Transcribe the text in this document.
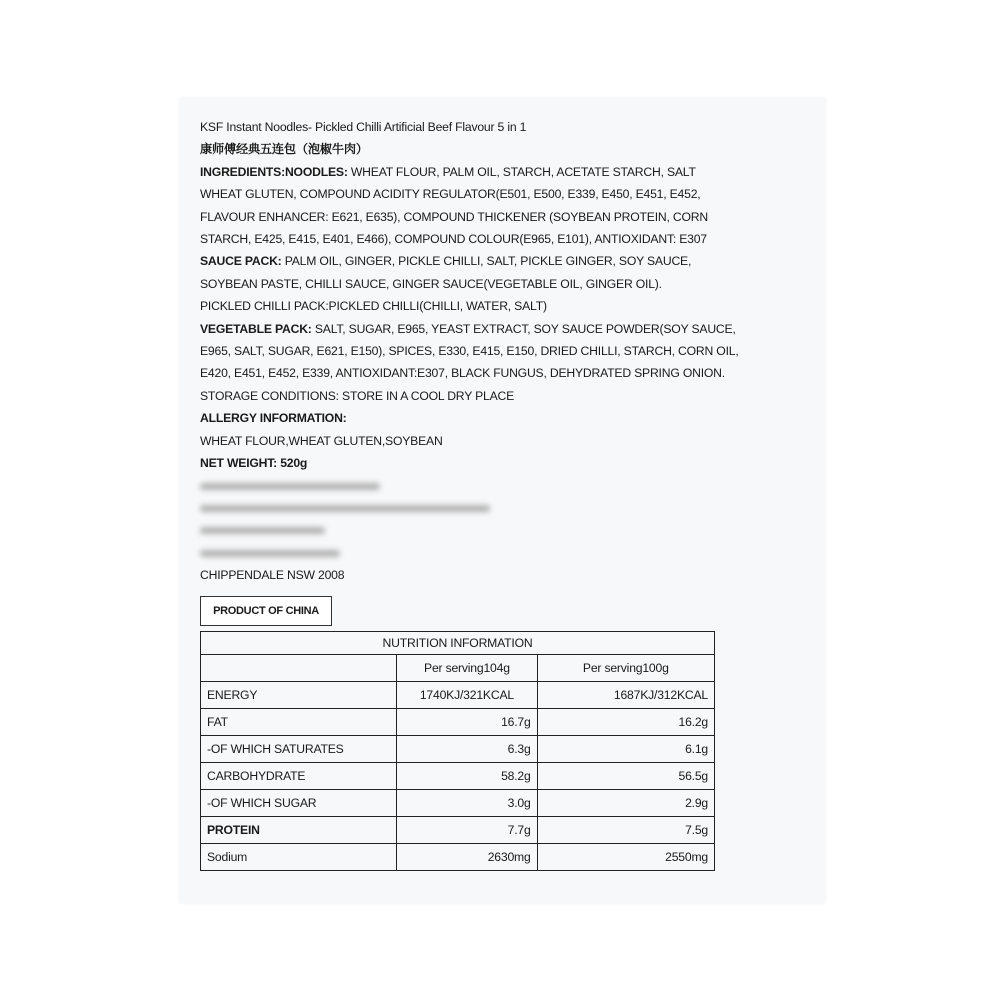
KSF Instant Noodles- Pickled Chilli Artificial Beef Flavour 5 in 1
康师傅经典五连包（泡椒牛肉）
INGREDIENTS:NOODLES: WHEAT FLOUR, PALM OIL, STARCH, ACETATE STARCH, SALT
WHEAT GLUTEN, COMPOUND ACIDITY REGULATOR(E501, E500, E339, E450, E451, E452,
FLAVOUR ENHANCER: E621, E635), COMPOUND THICKENER (SOYBEAN PROTEIN, CORN
STARCH, E425, E415, E401, E466), COMPOUND COLOUR(E965, E101), ANTIOXIDANT: E307
SAUCE PACK: PALM OIL, GINGER, PICKLE CHILLI, SALT, PICKLE GINGER, SOY SAUCE,
SOYBEAN PASTE, CHILLI SAUCE, GINGER SAUCE(VEGETABLE OIL, GINGER OIL).
PICKLED CHILLI PACK:PICKLED CHILLI(CHILLI, WATER, SALT)
VEGETABLE PACK: SALT, SUGAR, E965, YEAST EXTRACT, SOY SAUCE POWDER(SOY SAUCE,
E965, SALT, SUGAR, E621, E150), SPICES, E330, E415, E150, DRIED CHILLI, STARCH, CORN OIL,
E420, E451, E452, E339, ANTIOXIDANT:E307, BLACK FUNGUS, DEHYDRATED SPRING ONION.
STORAGE CONDITIONS: STORE IN A COOL DRY PLACE
ALLERGY INFORMATION:
WHEAT FLOUR,WHEAT GLUTEN,SOYBEAN
NET WEIGHT: 520g
CHIPPENDALE NSW 2008
PRODUCT OF CHINA
NUTRITION INFORMATION		
	Per serving104g	Per serving100g
ENERGY	1740KJ/321KCAL	1687KJ/312KCAL
FAT	16.7g	16.2g
-OF WHICH SATURATES	6.3g	6.1g
CARBOHYDRATE	58.2g	56.5g
-OF WHICH SUGAR	3.0g	2.9g
PROTEIN	7.7g	7.5g
Sodium	2630mg	2550mg
